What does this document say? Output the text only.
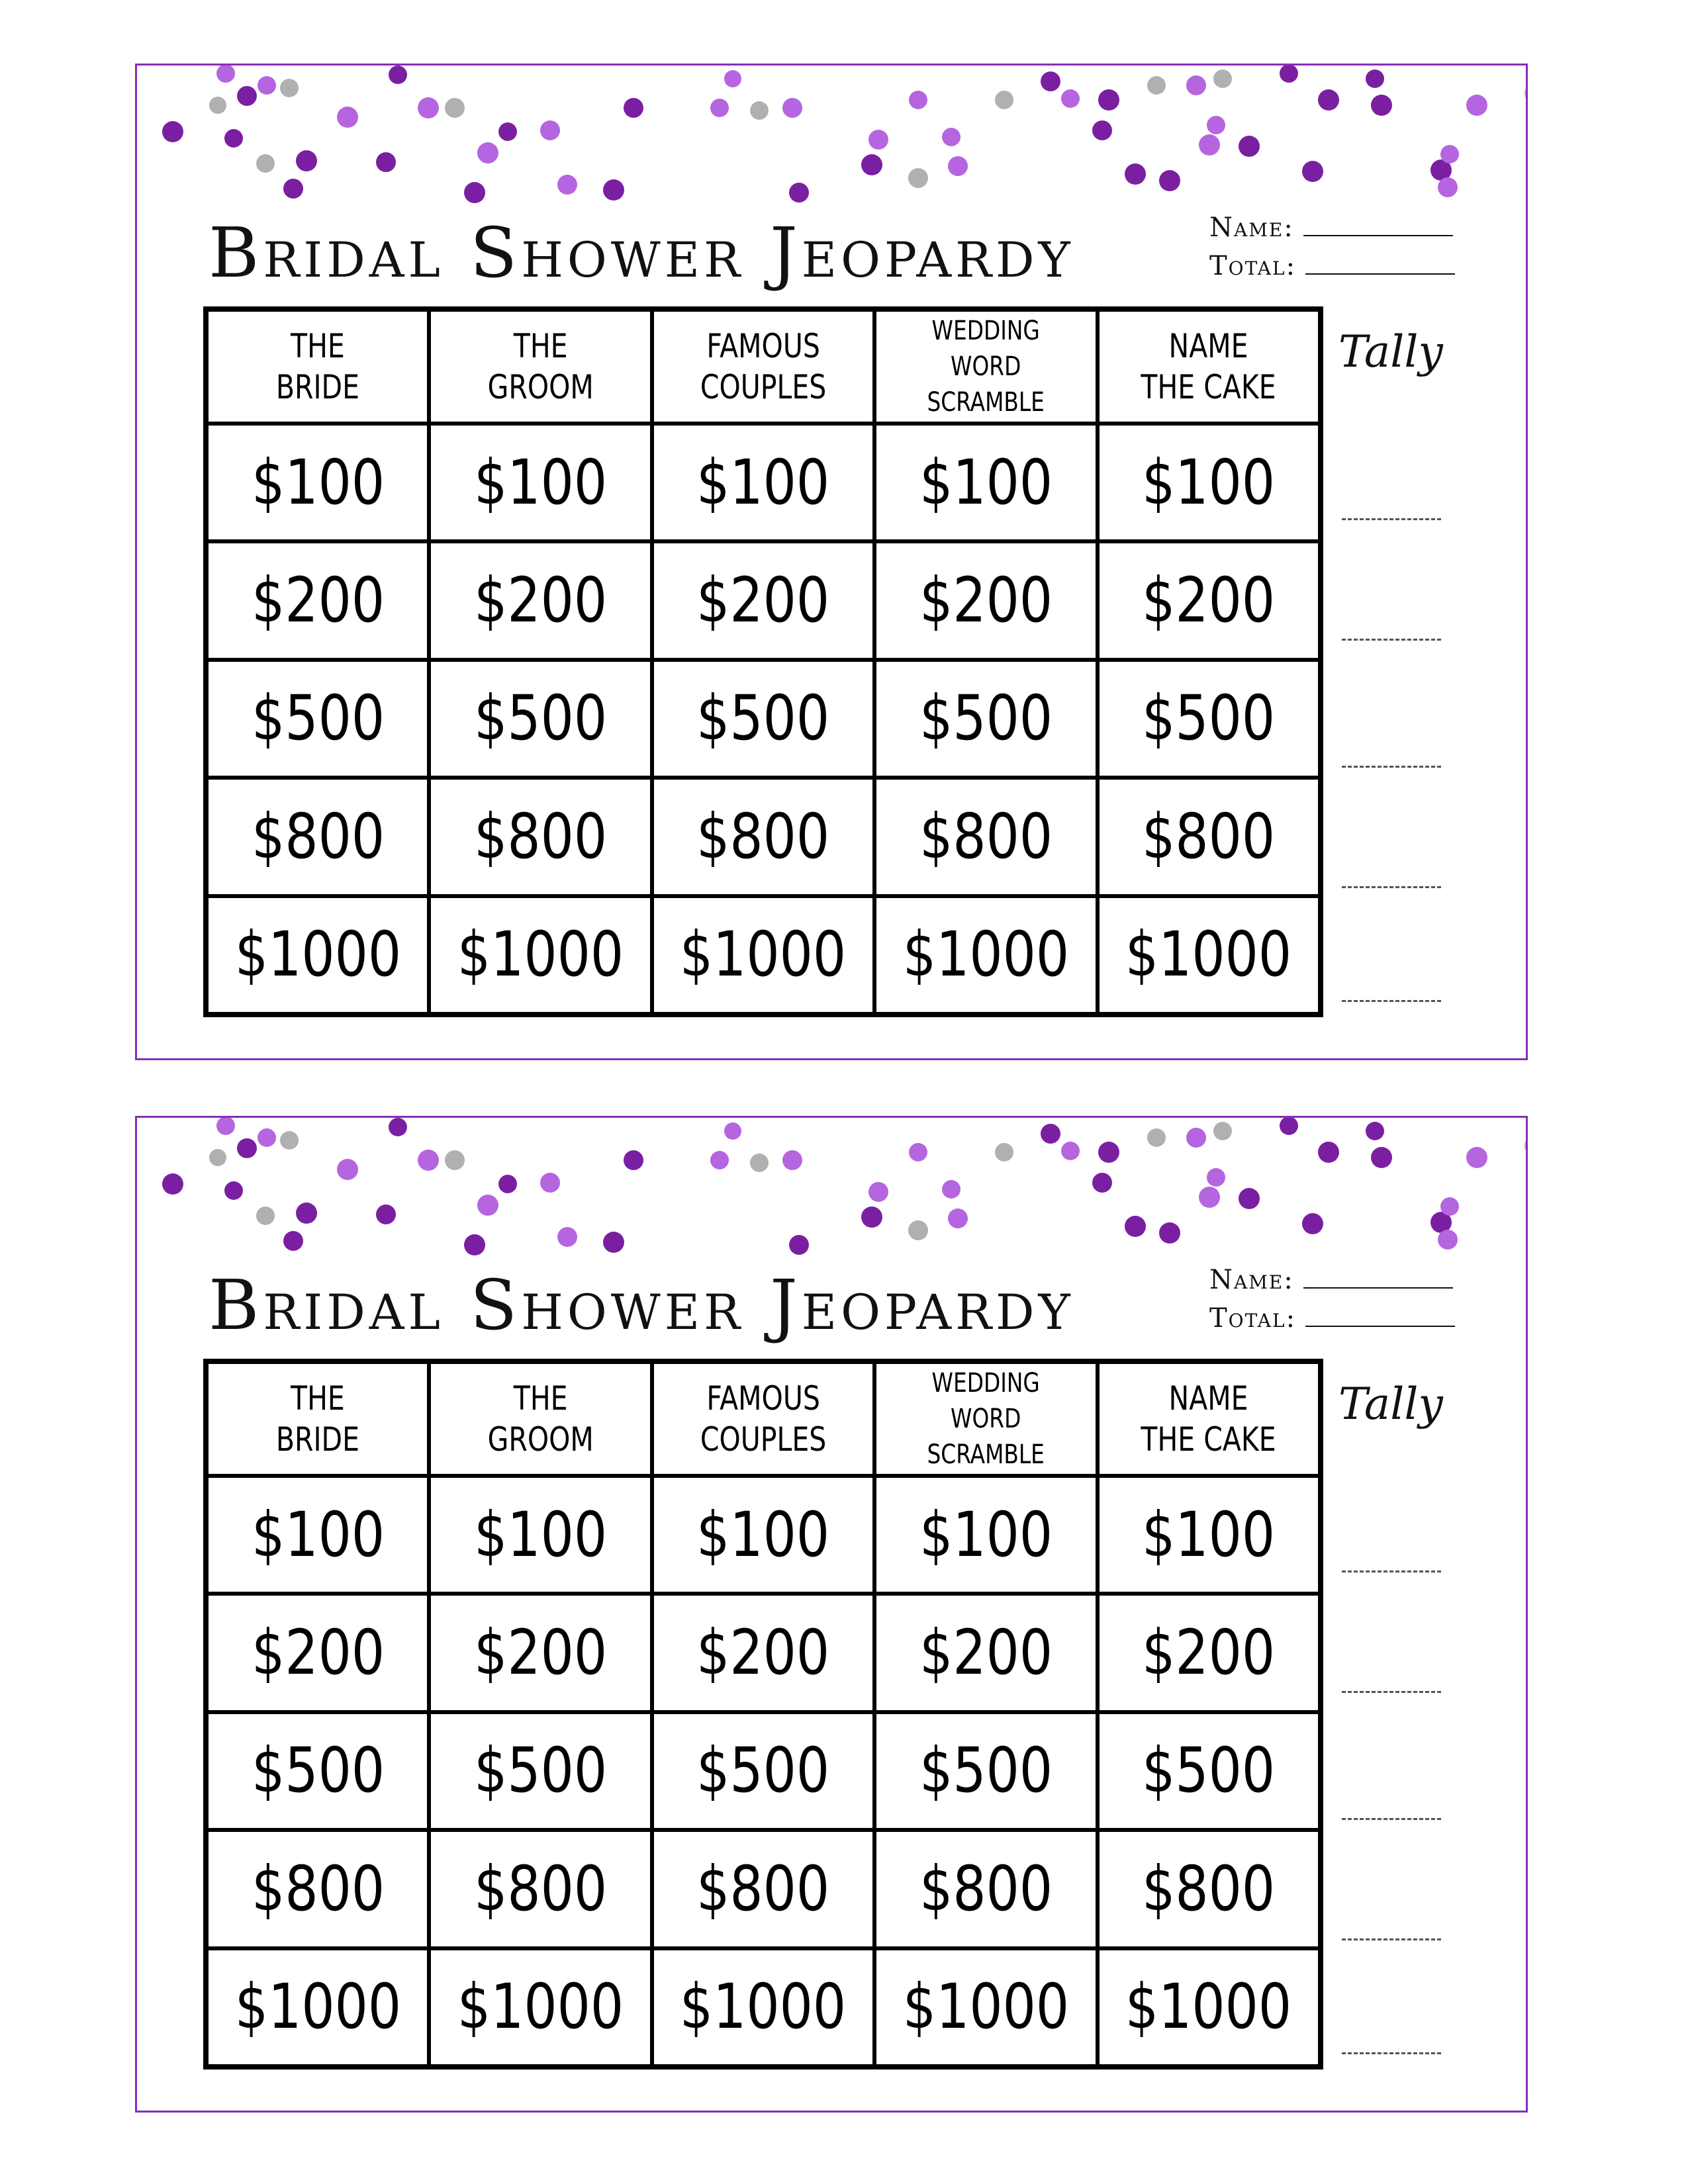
Bridal Shower Jeopardy	Name:
Total:
THE
BRIDE
THE
GROOM
FAMOUS
COUPLES
WEDDING
WORD SCRAMBLE
NAME
THE CAKE
$100 $100 $100 $100 $100
$200 $200 $200 $200 $200
$500 $500 $500 $500 $500
$800 $800 $800 $800 $800
$1000 $1000 $1000 $1000 $1000
Tally
Bridal Shower Jeopardy	Name:
Total:
THE
BRIDE
THE
GROOM
FAMOUS
COUPLES
WEDDING
WORD SCRAMBLE
NAME
THE CAKE
$100 $100 $100 $100 $100
$200 $200 $200 $200 $200
$500 $500 $500 $500 $500
$800 $800 $800 $800 $800
$1000 $1000 $1000 $1000 $1000
Tally
